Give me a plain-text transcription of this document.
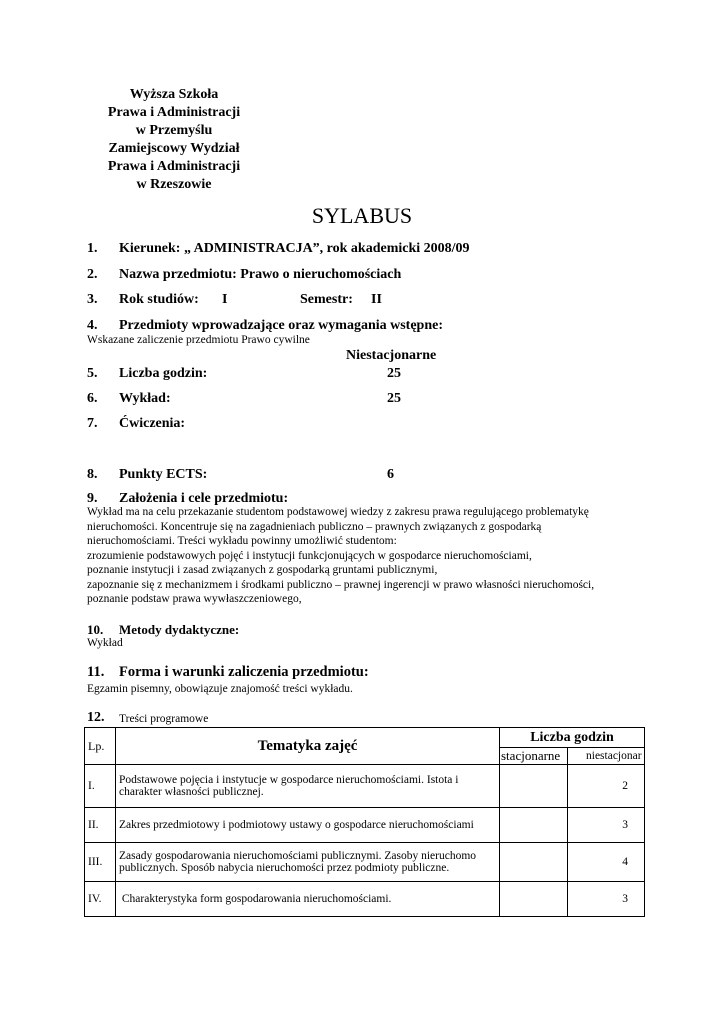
Wyższa Szkoła
Prawa i Administracji
w Przemyślu
Zamiejscowy Wydział
Prawa i Administracji
w Rzeszowie
SYLABUS
1. Kierunek: „ ADMINISTRACJA”, rok akademicki 2008/09
2. Nazwa przedmiotu: Prawo o nieruchomościach
3. Rok studiów: I	Semestr: II
4. Przedmioty wprowadzające oraz wymagania wstępne:
Wskazane zaliczenie przedmiotu Prawo cywilne
Niestacjonarne
5. Liczba godzin:	25
6. Wykład:	25
7. Ćwiczenia:
8. Punkty ECTS:	6
9. Założenia i cele przedmiotu:
Wykład ma na celu przekazanie studentom podstawowej wiedzy z zakresu prawa regulującego problematykę
nieruchomości. Koncentruje się na zagadnieniach publiczno – prawnych związanych z gospodarką
nieruchomościami. Treści wykładu powinny umożliwić studentom:
zrozumienie podstawowych pojęć i instytucji funkcjonujących w gospodarce nieruchomościami,
poznanie instytucji i zasad związanych z gospodarką gruntami publicznymi,
zapoznanie się z mechanizmem i środkami publiczno – prawnej ingerencji w prawo własności nieruchomości,
poznanie podstaw prawa wywłaszczeniowego,
10. Metody dydaktyczne:
Wykład
11. Forma i warunki zaliczenia przedmiotu:
Egzamin pisemny, obowiązuje znajomość treści wykładu.
12. Treści programowe
Lp.	Tematyka zajęć	Liczba godzin	

		stacjonarne	niestacjonar

I.	Podstawowe pojęcia i instytucje w gospodarce nieruchomościami. Istota i
charakter własności publicznej.		2
II.	Zakres przedmiotowy i podmiotowy ustawy o gospodarce nieruchomościami		3
III.	Zasady gospodarowania nieruchomościami publicznymi. Zasoby nieruchomo
publicznych. Sposób nabycia nieruchomości przez podmioty publiczne.		4
IV.	Charakterystyka form gospodarowania nieruchomościami.		3
